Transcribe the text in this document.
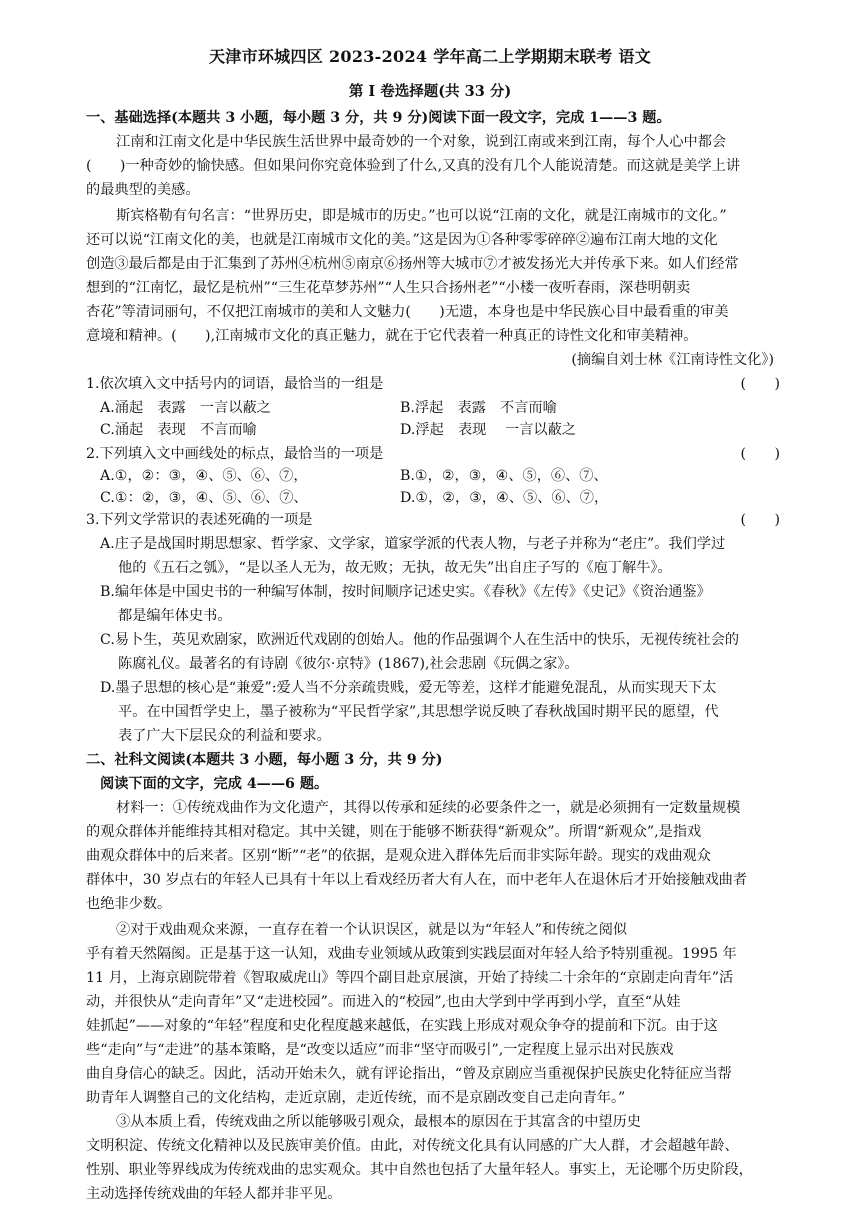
天津市环城四区 2023-2024 学年高二上学期期末联考 语文
第 I 卷选择题(共 33 分)
一、基础选择(本题共 3 小题，每小题 3 分，共 9 分)阅读下面一段文字，完成 1——3 题。
江南和江南文化是中华民族生活世界中最奇妙的一个对象，说到江南或来到江南，每个人心中都会
(　　)一种奇妙的愉快感。但如果问你究竟体验到了什么,又真的没有几个人能说清楚。而这就是美学上讲
的最典型的美感。
斯宾格勒有句名言：“世界历史，即是城市的历史。”也可以说“江南的文化，就是江南城市的文化。”
还可以说“江南文化的美，也就是江南城市文化的美。”这是因为①各种零零碎碎②遍布江南大地的文化
创造③最后都是由于汇集到了苏州④杭州⑤南京⑥扬州等大城市⑦才被发扬光大并传承下来。如人们经常
想到的“江南忆，最忆是杭州”“三生花草梦苏州”“人生只合扬州老”“小楼一夜听春雨，深巷明朝卖
杏花”等清词丽句，不仅把江南城市的美和人文魅力(　　)无遗，本身也是中华民族心目中最看重的审美
意境和精神。(　　),江南城市文化的真正魅力，就在于它代表着一种真正的诗性文化和审美精神。
(摘编自刘士林《江南诗性文化》)
1.依次填入文中括号内的词语，最恰当的一组是	(　　)
A.涌起　表露　一言以蔽之	B.浮起　表露　不言而喻
C.涌起　表现　不言而喻	D.浮起　表现　 一言以蔽之
2.下列填入文中画线处的标点，最恰当的一项是	(　　)
A.①，②：③，④、⑤、⑥、⑦，	B.①，②，③，④、⑤，⑥、⑦、
C.①：②，③，④、⑤、⑥、⑦、	D.①，②，③，④、⑤、⑥、⑦，
3.下列文学常识的表述死确的一项是	(　　)
A.庄子是战国时期思想家、哲学家、文学家，道家学派的代表人物，与老子并称为“老庄”。我们学过
他的《五石之瓠》，“是以圣人无为，故无败；无执，故无失”出自庄子写的《庖丁解牛》。
B.编年体是中国史书的一种编写体制，按时间顺序记述史实。《春秋》《左传》《史记》《资治通鉴》
都是编年体史书。
C.易卜生，英见欢剧家，欧洲近代戏剧的创始人。他的作品强调个人在生活中的快乐，无视传统社会的
陈腐礼仪。最著名的有诗剧《彼尔·京特》(1867),社会悲剧《玩偶之家》。
D.墨子思想的核心是“兼爱”:爱人当不分亲疏贵贱，爱无等差，这样才能避免混乱，从而实现天下太
平。在中国哲学史上，墨子被称为“平民哲学家”,其思想学说反映了春秋战国时期平民的愿望，代
表了广大下层民众的利益和要求。
二、社科文阅读(本题共 3 小题，每小题 3 分，共 9 分)
阅读下面的文字，完成 4——6 题。
材料一：①传统戏曲作为文化遗产，其得以传承和延续的必要条件之一，就是必须拥有一定数量规模
的观众群体并能维持其相对稳定。其中关键，则在于能够不断获得“新观众”。所谓“新观众”,是指戏
曲观众群体中的后来者。区别“断”“老”的依据，是观众进入群体先后而非实际年龄。现实的戏曲观众
群体中，30 岁点右的年轻人已具有十年以上看戏经历者大有人在，而中老年人在退休后才开始接触戏曲者
也绝非少数。
②对于戏曲观众来源，一直存在着一个认识误区，就是以为“年轻人”和传统之阅似
乎有着天然隔阂。正是基于这一认知，戏曲专业领域从政策到实践层面对年轻人给予特别重视。1995 年
11 月，上海京剧院带着《智取威虎山》等四个副目赴京展演，开始了持续二十余年的“京剧走向青年”活
动，并很快从“走向青年”又“走进校园”。而进入的“校园”,也由大学到中学再到小学，直至“从娃
娃抓起”——对象的“年轻”程度和史化程度越来越低，在实践上形成对观众争夺的提前和下沉。由于这
些“走向”与“走进”的基本策略，是“改变以适应”而非“坚守而吸引”,一定程度上显示出对民族戏
曲自身信心的缺乏。因此，活动开始未久，就有评论指出，“曾及京剧应当重视保护民族史化特征应当帮
助青年人调整自己的文化结构，走近京剧，走近传统，而不是京剧改变自己走向青年。”
③从本质上看，传统戏曲之所以能够吸引观众，最根本的原因在于其富含的中望历史
文明积淀、传统文化精神以及民族审美价值。由此，对传统文化具有认同感的广大人群，才会超越年龄、
性别、职业等界线成为传统戏曲的忠实观众。其中自然也包括了大量年轻人。事实上，无论哪个历史阶段，
主动选择传统戏曲的年轻人都并非平见。
